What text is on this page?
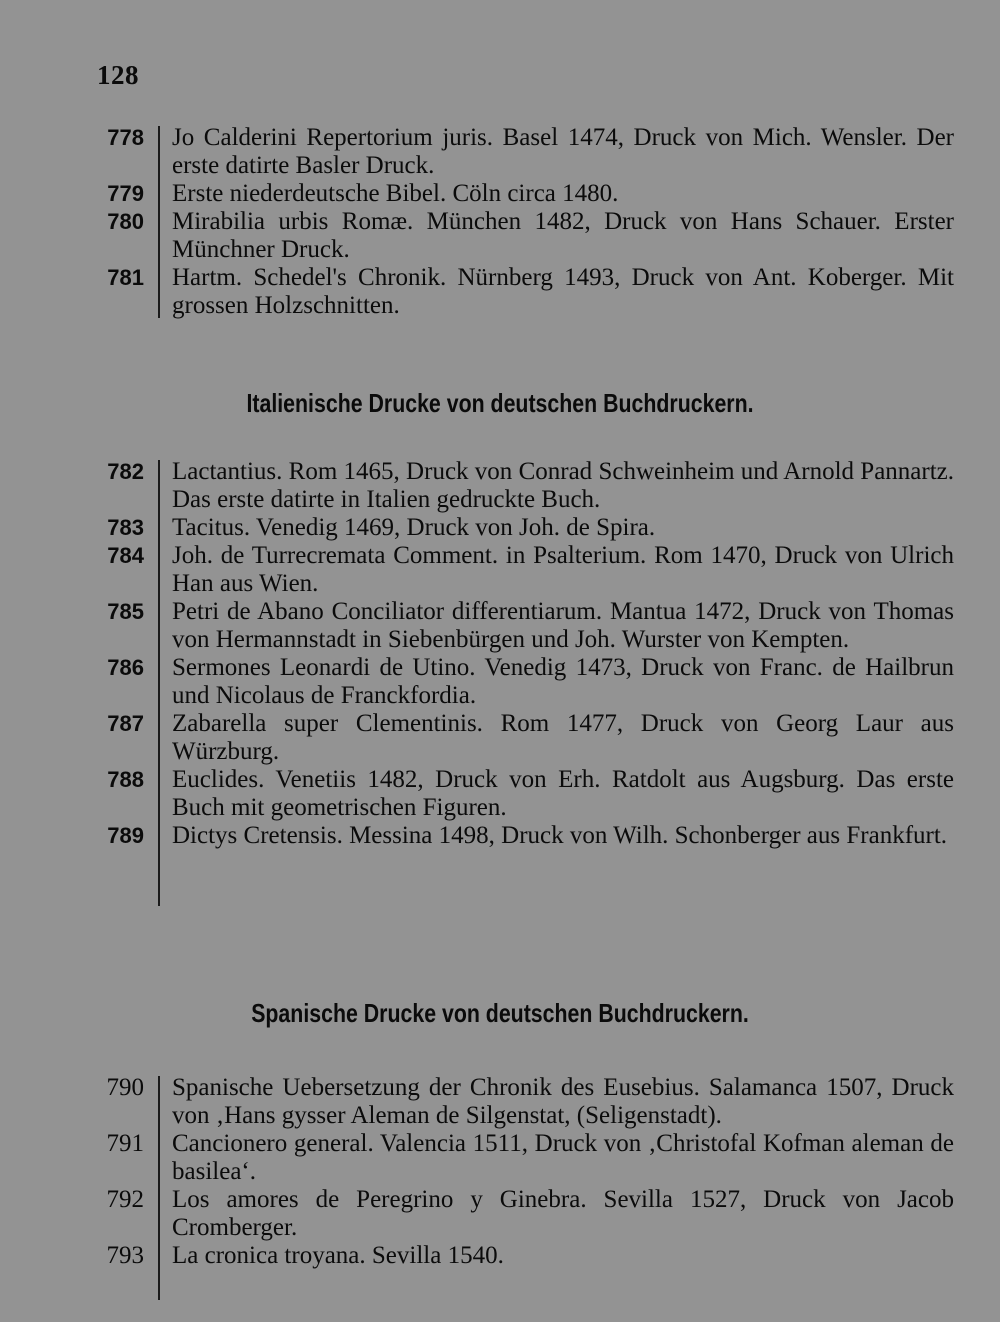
128
778 Jo Calderini Repertorium juris. Basel 1474, Druck von Mich. Wensler. Der erste datirte Basler Druck.
779 Erste niederdeutsche Bibel. Cöln circa 1480.
780 Mirabilia urbis Romæ. München 1482, Druck von Hans Schauer. Erster Münchner Druck.
781 Hartm. Schedel's Chronik. Nürnberg 1493, Druck von Ant. Koberger. Mit grossen Holzschnitten.
Italienische Drucke von deutschen Buchdruckern.
782 Lactantius. Rom 1465, Druck von Conrad Schweinheim und Arnold Pannartz. Das erste datirte in Italien gedruckte Buch.
783 Tacitus. Venedig 1469, Druck von Joh. de Spira.
784 Joh. de Turrecremata Comment. in Psalterium. Rom 1470, Druck von Ulrich Han aus Wien.
785 Petri de Abano Conciliator differentiarum. Mantua 1472, Druck von Thomas von Hermannstadt in Siebenbürgen und Joh. Wurster von Kempten.
786 Sermones Leonardi de Utino. Venedig 1473, Druck von Franc. de Hailbrun und Nicolaus de Franckfordia.
787 Zabarella super Clementinis. Rom 1477, Druck von Georg Laur aus Würzburg.
788 Euclides. Venetiis 1482, Druck von Erh. Ratdolt aus Augsburg. Das erste Buch mit geometrischen Figuren.
789 Dictys Cretensis. Messina 1498, Druck von Wilh. Schonberger aus Frankfurt.
Spanische Drucke von deutschen Buchdruckern.
790 Spanische Uebersetzung der Chronik des Eusebius. Salamanca 1507, Druck von ‚Hans gysser Aleman de Silgenstat, (Seligenstadt).
791 Cancionero general. Valencia 1511, Druck von ‚Christofal Kofman aleman de basilea‘.
792 Los amores de Peregrino y Ginebra. Sevilla 1527, Druck von Jacob Cromberger.
793 La cronica troyana. Sevilla 1540.
